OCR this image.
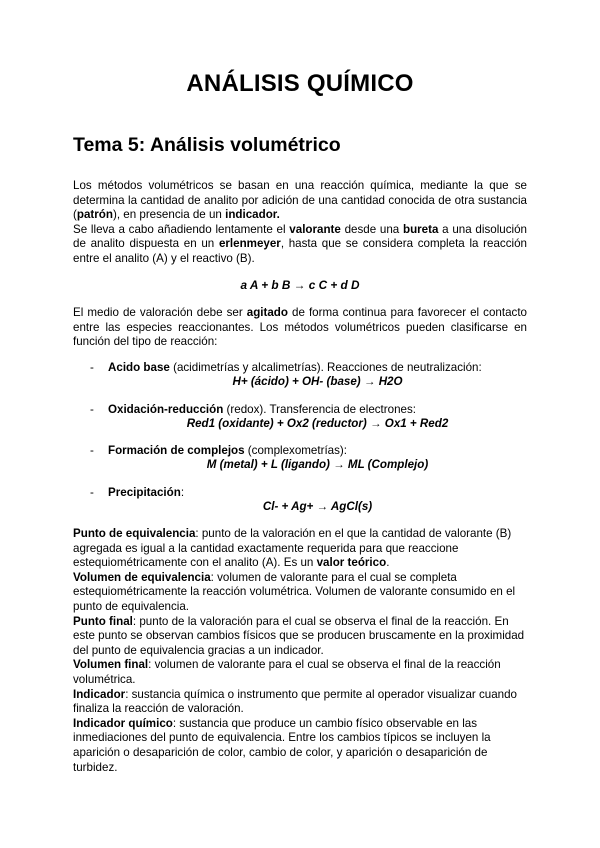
ANÁLISIS QUÍMICO
Tema 5: Análisis volumétrico

Los métodos volumétricos se basan en una reacción química, mediante la que se determina la cantidad de analito por adición de una cantidad conocida de otra sustancia (patrón), en presencia de un indicador.
Se lleva a cabo añadiendo lentamente el valorante desde una bureta a una disolución de analito dispuesta en un erlenmeyer, hasta que se considera completa la reacción entre el analito (A) y el reactivo (B).

a A + b B → c C + d D

El medio de valoración debe ser agitado de forma continua para favorecer el contacto entre las especies reaccionantes. Los métodos volumétricos pueden clasificarse en función del tipo de reacción:

- Acido base (acidimetrías y alcalimetrías). Reacciones de neutralización:
H+ (ácido) + OH- (base) → H2O
- Oxidación-reducción (redox). Transferencia de electrones:
Red1 (oxidante) + Ox2 (reductor) → Ox1 + Red2
- Formación de complejos (complexometrías):
M (metal) + L (ligando) → ML (Complejo)
- Precipitación:
Cl- + Ag+ → AgCl(s)

Punto de equivalencia: punto de la valoración en el que la cantidad de valorante (B) agregada es igual a la cantidad exactamente requerida para que reaccione estequiométricamente con el analito (A). Es un valor teórico.

Volumen de equivalencia: volumen de valorante para el cual se completa estequiométricamente la reacción volumétrica. Volumen de valorante consumido en el punto de equivalencia.

Punto final: punto de la valoración para el cual se observa el final de la reacción. En este punto se observan cambios físicos que se producen bruscamente en la proximidad del punto de equivalencia gracias a un indicador.

Volumen final: volumen de valorante para el cual se observa el final de la reacción volumétrica.

Indicador: sustancia química o instrumento que permite al operador visualizar cuando finaliza la reacción de valoración.

Indicador químico: sustancia que produce un cambio físico observable en las inmediaciones del punto de equivalencia. Entre los cambios típicos se incluyen la aparición o desaparición de color, cambio de color, y aparición o desaparición de turbidez.
